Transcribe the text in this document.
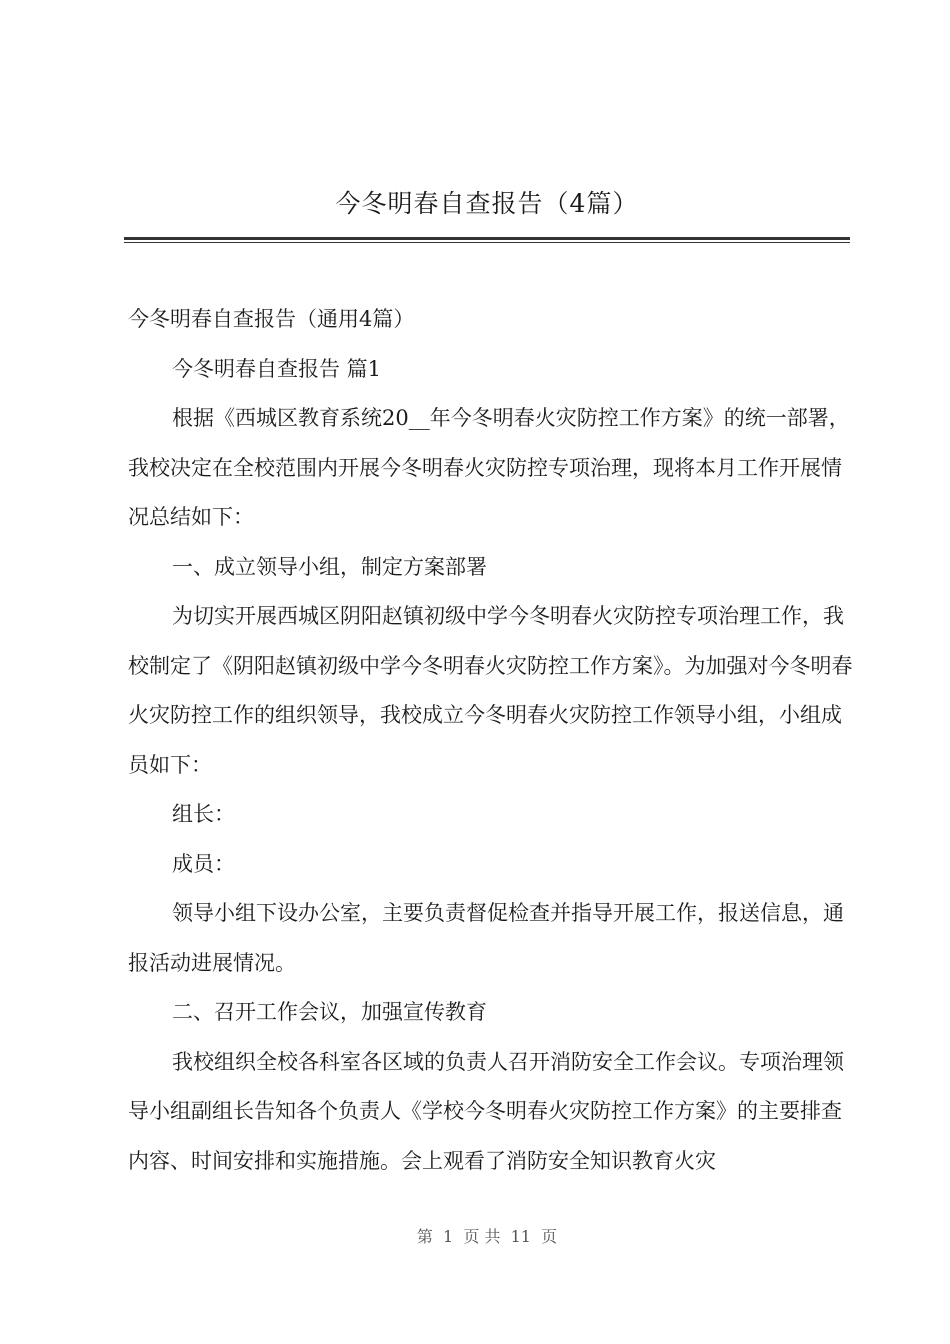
今冬明春自查报告（4篇）

今冬明春自查报告（通用4篇）

今冬明春自查报告 篇1

根据《西城区教育系统20__年今冬明春火灾防控工作方案》的统一部署，我校决定在全校范围内开展今冬明春火灾防控专项治理，现将本月工作开展情况总结如下：

一、成立领导小组，制定方案部署

为切实开展西城区阴阳赵镇初级中学今冬明春火灾防控专项治理工作，我校制定了《阴阳赵镇初级中学今冬明春火灾防控工作方案》。为加强对今冬明春火灾防控工作的组织领导，我校成立今冬明春火灾防控工作领导小组，小组成员如下：

组长：

成员：

领导小组下设办公室，主要负责督促检查并指导开展工作，报送信息，通报活动进展情况。

二、召开工作会议，加强宣传教育

我校组织全校各科室各区域的负责人召开消防安全工作会议。专项治理领导小组副组长告知各个负责人《学校今冬明春火灾防控工作方案》的主要排查内容、时间安排和实施措施。会上观看了消防安全知识教育火灾

第  1  页 共  11  页
